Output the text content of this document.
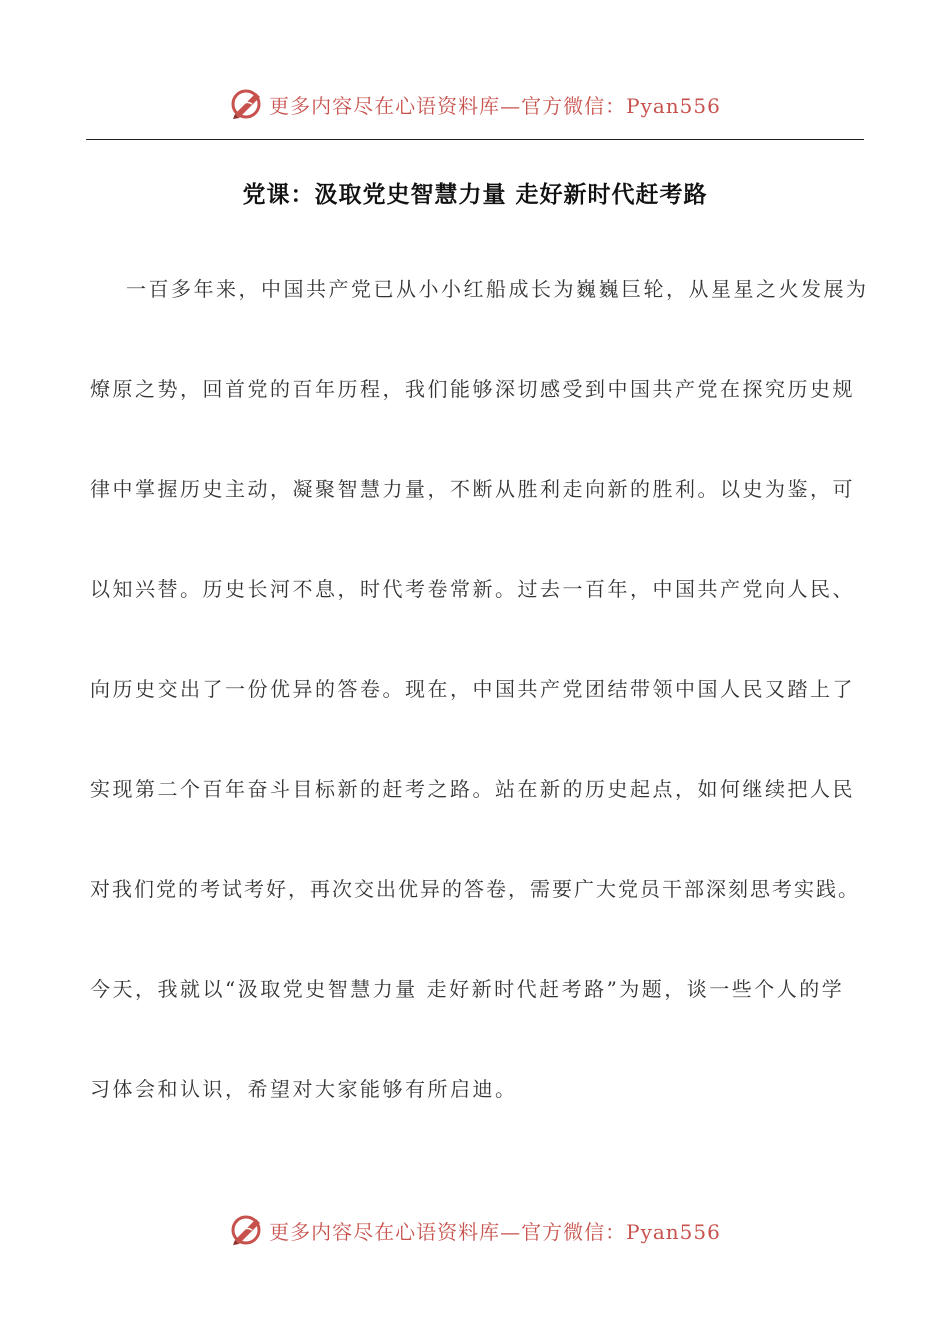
更多内容尽在心语资料库—官方微信：Pyan556
党课：汲取党史智慧力量 走好新时代赶考路
一百多年来，中国共产党已从小小红船成长为巍巍巨轮，从星星之火发展为
燎原之势，回首党的百年历程，我们能够深切感受到中国共产党在探究历史规
律中掌握历史主动，凝聚智慧力量，不断从胜利走向新的胜利。以史为鉴，可
以知兴替。历史长河不息，时代考卷常新。过去一百年，中国共产党向人民、
向历史交出了一份优异的答卷。现在，中国共产党团结带领中国人民又踏上了
实现第二个百年奋斗目标新的赶考之路。站在新的历史起点，如何继续把人民
对我们党的考试考好，再次交出优异的答卷，需要广大党员干部深刻思考实践。
今天，我就以“汲取党史智慧力量 走好新时代赶考路”为题，谈一些个人的学
习体会和认识，希望对大家能够有所启迪。
更多内容尽在心语资料库—官方微信：Pyan556
